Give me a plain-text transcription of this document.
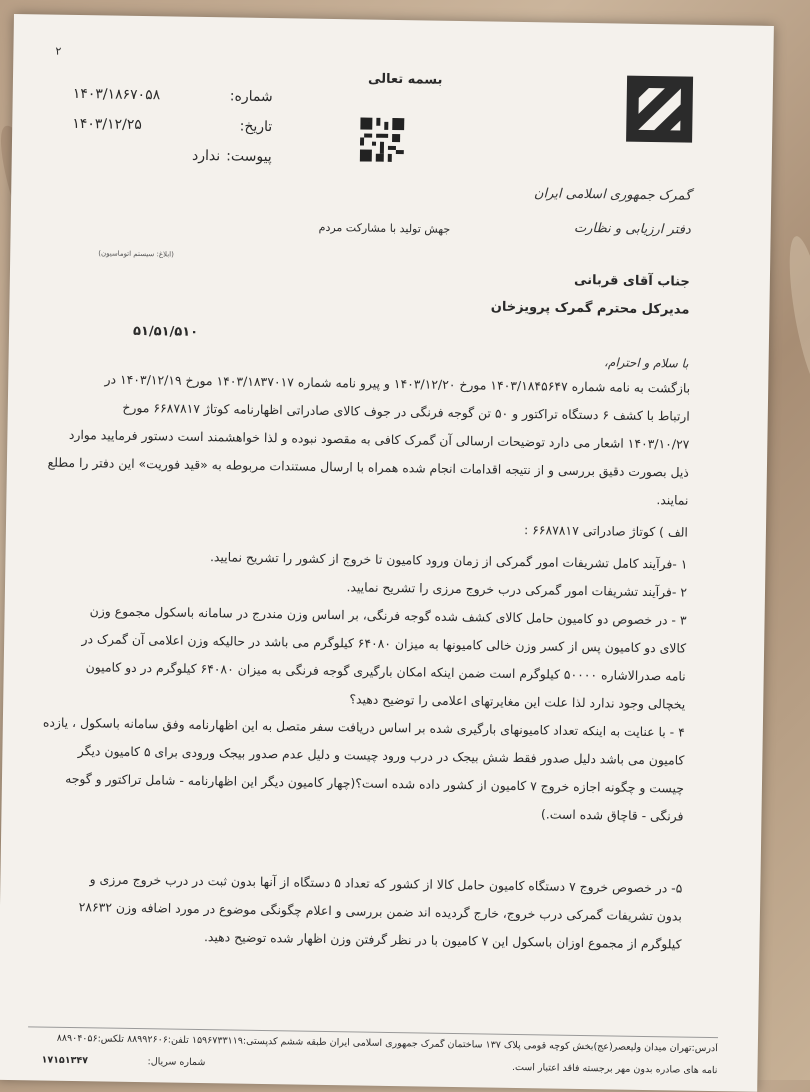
۲
بسمه تعالی
شماره:
۱۴۰۳/۱۸۶۷۰۵۸
تاریخ:
۱۴۰۳/۱۲/۲۵
پیوست:
ندارد
گمرک جمهوری اسلامی ایران
دفتر ارزیابی و نظارت
جهش تولید با مشارکت مردم
(ابلاغ: سیستم اتوماسیون)
جناب آقای قربانی
مدیرکل محترم گمرک پرویزخان
۵۱/۵۱/۵۱۰
با سلام و احترام،
بازگشت به نامه شماره ۱۴۰۳/۱۸۴۵۶۴۷ مورخ ۱۴۰۳/۱۲/۲۰ و پیرو نامه شماره ۱۴۰۳/۱۸۳۷۰۱۷ مورخ ۱۴۰۳/۱۲/۱۹ در
ارتباط با کشف ۶ دستگاه تراکتور و ۵۰ تن گوجه فرنگی در جوف کالای صادراتی اظهارنامه کوتاژ ۶۶۸۷۸۱۷ مورخ
۱۴۰۳/۱۰/۲۷ اشعار می دارد توضیحات ارسالی آن گمرک کافی به مقصود نبوده و لذا خواهشمند است دستور فرمایید موارد
ذیل بصورت دقیق بررسی و از نتیجه اقدامات انجام شده همراه با ارسال مستندات مربوطه به «قید فوریت» این دفتر را مطلع
نمایند.
الف ) کوتاژ صادراتی ۶۶۸۷۸۱۷ :
۱ -فرآیند کامل تشریفات امور گمرکی از زمان ورود کامیون تا خروج از کشور را تشریح نمایید.
۲ -فرآیند تشریفات امور گمرکی درب خروج مرزی را تشریح نمایید.
۳ - در خصوص دو کامیون حامل کالای کشف شده گوجه فرنگی، بر اساس وزن مندرج در سامانه باسکول مجموع وزن
کالای دو کامیون پس از کسر وزن خالی کامیونها به میزان ۶۴۰۸۰ کیلوگرم می باشد در حالیکه وزن اعلامی آن گمرک در
نامه صدرالاشاره ۵۰۰۰۰ کیلوگرم است ضمن اینکه امکان بارگیری گوجه فرنگی به میزان ۶۴۰۸۰ کیلوگرم در دو کامیون
یخچالی وجود ندارد لذا علت این مغایرتهای اعلامی را توضیح دهید؟
۴ - با عنایت به اینکه تعداد کامیونهای بارگیری شده بر اساس دریافت سفر متصل به این اظهارنامه وفق سامانه باسکول ، یازده
کامیون می باشد دلیل صدور فقط شش بیجک در درب ورود چیست و دلیل عدم صدور بیجک ورودی برای ۵ کامیون دیگر
چیست و چگونه اجازه خروج ۷ کامیون از کشور داده شده است؟(چهار کامیون دیگر این اظهارنامه - شامل تراکتور و گوجه
فرنگی - قاچاق شده است.)
۵- در خصوص خروج ۷ دستگاه کامیون حامل کالا از کشور که تعداد ۵ دستگاه از آنها بدون ثبت در درب خروج مرزی و
بدون تشریفات گمرکی درب خروج، خارج گردیده اند ضمن بررسی و اعلام چگونگی موضوع در مورد اضافه وزن ۲۸۶۳۲
کیلوگرم از مجموع اوزان باسکول این ۷ کامیون با در نظر گرفتن وزن اظهار شده توضیح دهید.
آدرس:تهران میدان ولیعصر(عج)بخش کوچه قومی پلاک ۱۳۷ ساختمان گمرک جمهوری اسلامی ایران طبقه ششم کدپستی:۱۵۹۶۷۳۳۱۱۹ تلفن:۸۸۹۹۲۶۰۶ تلکس:۸۸۹۰۴۰۵۶
نامه های صادره بدون مهر برجسته فاقد اعتبار است.
شماره سریال:
۱۷۱۵۱۳۴۷
